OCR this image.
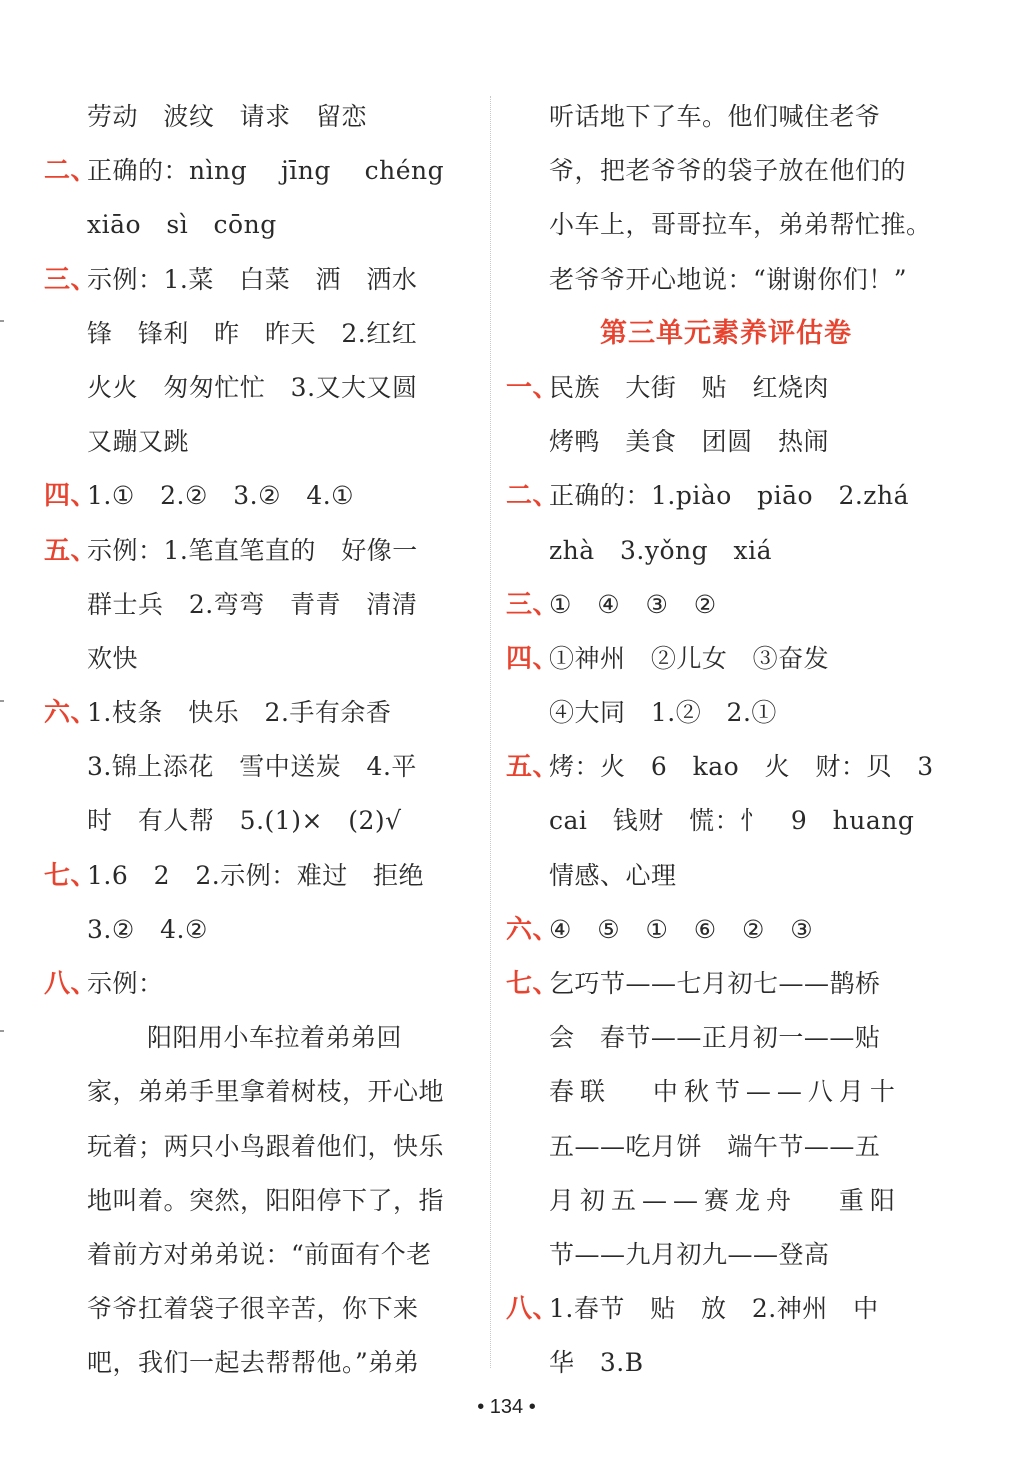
劳动   波纹   请求   留恋
二、正确的：nìng    jīng    chéng
xiāo   sì   cōng
三、示例：1.菜   白菜   洒   洒水
锋   锋利   昨   昨天   2.红红
火火   匆匆忙忙   3.又大又圆
又蹦又跳
四、1.①   2.②   3.②   4.①
五、示例：1.笔直笔直的   好像一
群士兵   2.弯弯   青青   清清
欢快
六、1.枝条   快乐   2.手有余香
3.锦上添花   雪中送炭   4.平
时   有人帮   5.(1)×   (2)√
七、1.6   2   2.示例：难过   拒绝
3.②   4.②
八、示例：
阳阳用小车拉着弟弟回
家，弟弟手里拿着树枝，开心地
玩着；两只小鸟跟着他们，快乐
地叫着。突然，阳阳停下了，指
着前方对弟弟说：“前面有个老
爷爷扛着袋子很辛苦，你下来
吧，我们一起去帮帮他。”弟弟
听话地下了车。他们喊住老爷
爷，把老爷爷的袋子放在他们的
小车上，哥哥拉车，弟弟帮忙推。
老爷爷开心地说：“谢谢你们！”
第三单元素养评估卷
一、民族   大街   贴   红烧肉
烤鸭   美食   团圆   热闹
二、正确的：1.piào   piāo   2.zhá
zhà   3.yǒng   xiá
三、①   ④   ③   ②
四、①神州   ②儿女   ③奋发
④大同   1.②   2.①
五、烤：火   6   kao   火   财：贝   3
cai   钱财   慌：忄   9   huang
情感、心理
六、④   ⑤   ①   ⑥   ②   ③
七、乞巧节——七月初七——鹊桥
会   春节——正月初一——贴
春联   中秋节——八月十
五——吃月饼   端午节——五
月初五——赛龙舟   重阳
节——九月初九——登高
八、1.春节   贴   放   2.神州   中
华   3.B
• 134 •
